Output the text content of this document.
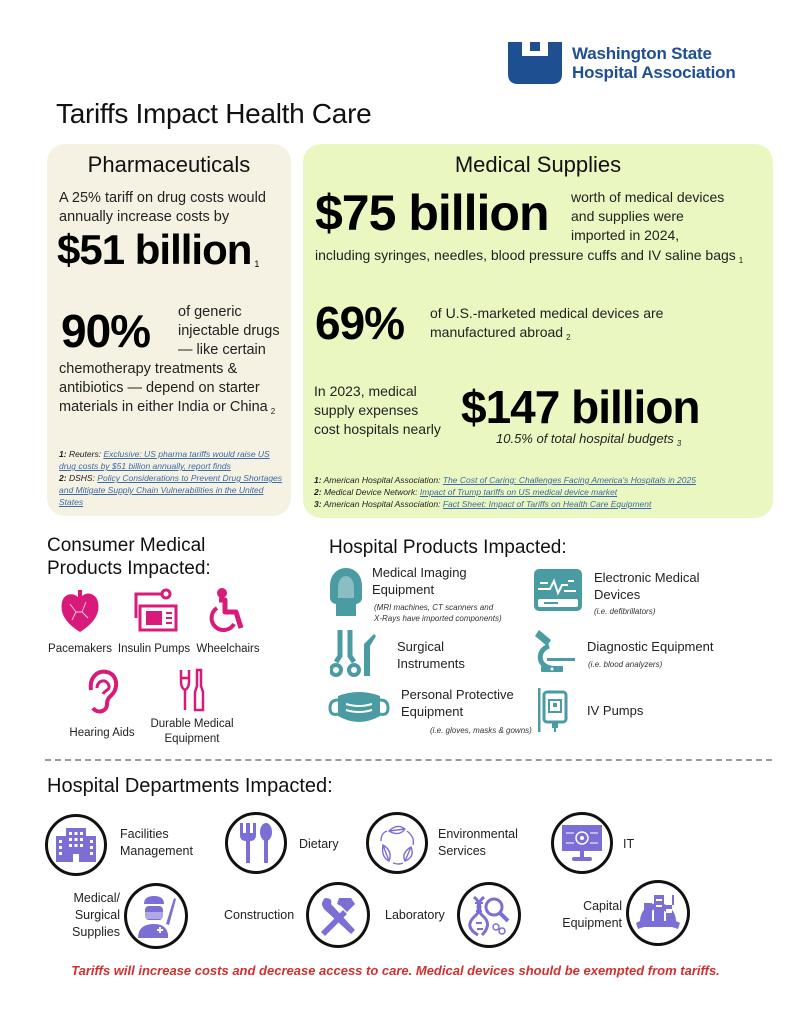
Washington State
Hospital Association
Tariffs Impact Health Care
Pharmaceuticals
A 25% tariff on drug costs would
annually increase costs by
$51 billion $_1$
90% of generic
injectable drugs
— like certain
chemotherapy treatments &
antibiotics — depend on starter
materials in either India or China $_2$
1: Reuters: Exclusive: US pharma tariffs would raise US drug costs by $51 billion annually, report finds
2: DSHS: Policy Considerations to Prevent Drug Shortages and Mitigate Supply Chain Vulnerabilities in the United States
Medical Supplies
$75 billion worth of medical devices
and supplies were
imported in 2024,
including syringes, needles, blood pressure cuffs and IV saline bags $_1$
69% of U.S.-marketed medical devices are
manufactured abroad $_2$
In 2023, medical
supply expenses
cost hospitals nearly $147 billion
10.5% of total hospital budgets $_3$
1: American Hospital Association: The Cost of Caring: Challenges Facing America's Hospitals in 2025
2: Medical Device Network: Impact of Trump tariffs on US medical device market
3: American Hospital Association: Fact Sheet: Impact of Tariffs on Health Care Equipment
Consumer Medical
Products Impacted:
Pacemakers Insulin Pumps Wheelchairs
Hearing Aids
Durable Medical
Equipment
Hospital Products Impacted:
Medical Imaging
Equipment
(MRI machines, CT scanners and
X-Rays have imported components)
Surgical
Instruments
Personal Protective
Equipment
(i.e. gloves, masks & gowns)
Electronic Medical
Devices
(i.e. defibrillators)
Diagnostic Equipment
(i.e. blood analyzers)
IV Pumps
Hospital Departments Impacted:
Facilities
Management	Dietary
Environmental
Services	IT
Medical/
Surgical
Supplies
Construction	Laboratory
Capital
Equipment
Tariffs will increase costs and decrease access to care. Medical devices should be exempted from tariffs.
